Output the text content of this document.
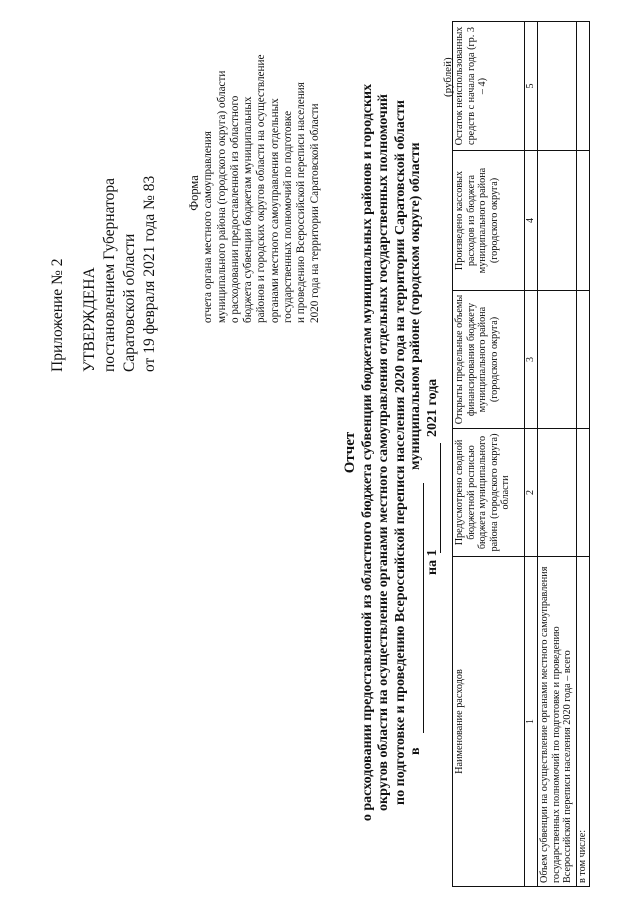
Приложение № 2 УТВЕРЖДЕНА постановлением Губернатора Саратовской области от 19 февраля 2021 года № 83 Форма отчета органа местного самоуправления муниципального района (городского округа) области о расходовании предоставленной из областного бюджета субвенции бюджетам муниципальных районов и городских округов области на осуществление органами местного самоуправления отдельных государственных полномочий по подготовке и проведению Всероссийской переписи населения 2020 года на территории Саратовской области
Отчет о расходовании предоставленной из областного бюджета субвенции бюджетам муниципальных районов и городских округов области на осуществление органами местного самоуправления отдельных государственных полномочий по подготовке и проведению Всероссийской переписи населения 2020 года на территории Саратовской области в
муниципальном районе (городском округе) области
на 1
2021 года
(рублей)
Наименование расходов	Предусмотрено сводной бюджетной росписью бюджета муниципального района (городского округа) области	Открыты предельные объемы финансирования бюджету муниципального района (городского округа)	Произведено кассовых расходов из бюджета муниципального района (городского округа)	Остаток неиспользованных средств с начала года (гр. 3 – 4)
1	2	3	4	5
Объем субвенции на осуществление органами местного самоуправления государственных полномочий по подготовке и проведению Всероссийской переписи населения 2020 года – всего				
в том числе:				
